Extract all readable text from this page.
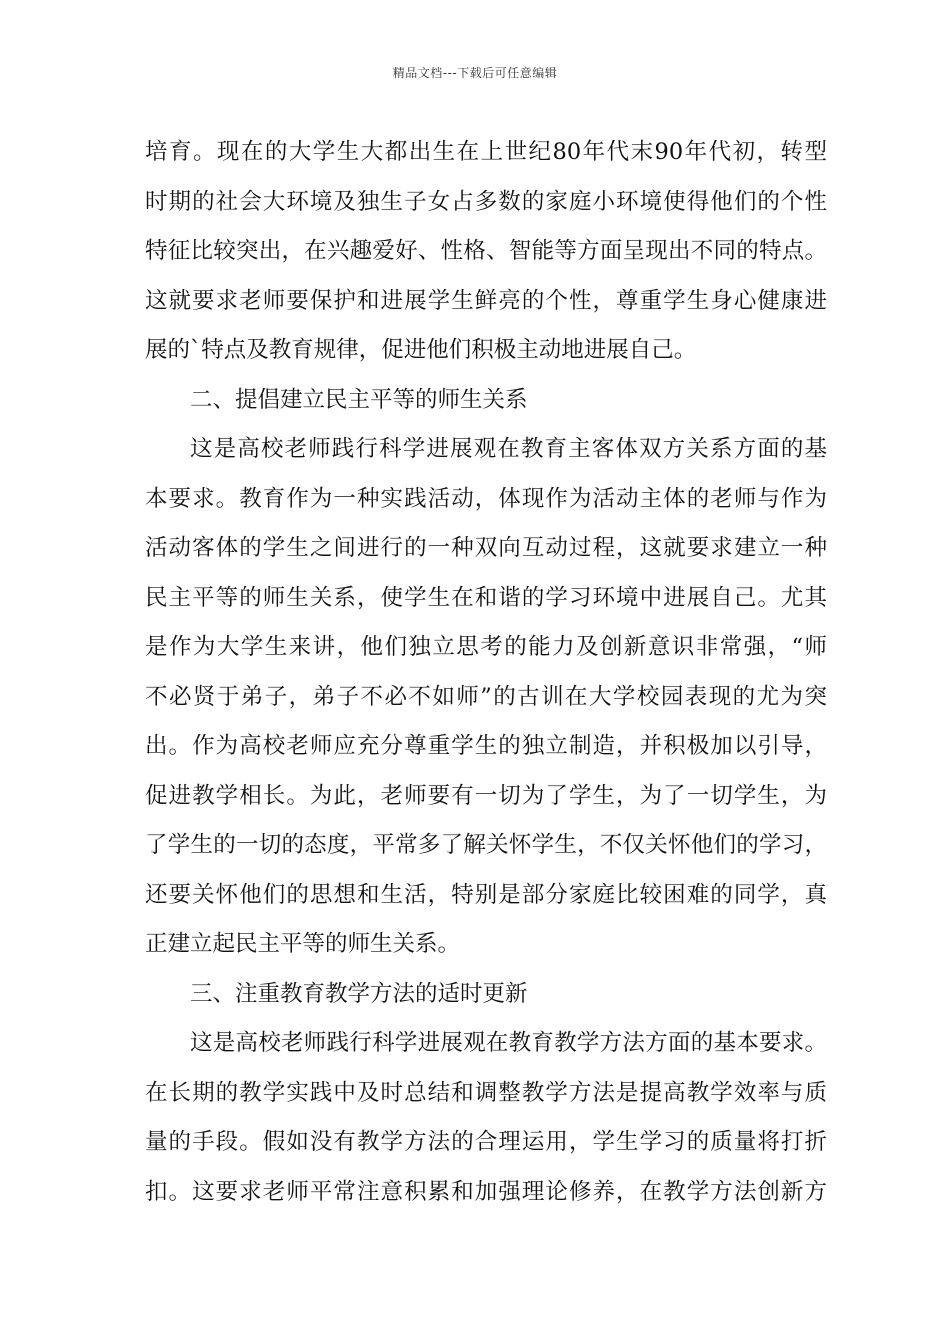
精品文档---下载后可任意编辑
培育。现在的大学生大都出生在上世纪80年代末90年代初，转型
时期的社会大环境及独生子女占多数的家庭小环境使得他们的个性
特征比较突出，在兴趣爱好、性格、智能等方面呈现出不同的特点。
这就要求老师要保护和进展学生鲜亮的个性，尊重学生身心健康进
展的`特点及教育规律，促进他们积极主动地进展自己。
二、提倡建立民主平等的师生关系
这是高校老师践行科学进展观在教育主客体双方关系方面的基
本要求。教育作为一种实践活动，体现作为活动主体的老师与作为
活动客体的学生之间进行的一种双向互动过程，这就要求建立一种
民主平等的师生关系，使学生在和谐的学习环境中进展自己。尤其
是作为大学生来讲，他们独立思考的能力及创新意识非常强，“师
不必贤于弟子，弟子不必不如师”的古训在大学校园表现的尤为突
出。作为高校老师应充分尊重学生的独立制造，并积极加以引导，
促进教学相长。为此，老师要有一切为了学生，为了一切学生，为
了学生的一切的态度，平常多了解关怀学生，不仅关怀他们的学习，
还要关怀他们的思想和生活，特别是部分家庭比较困难的同学，真
正建立起民主平等的师生关系。
三、注重教育教学方法的适时更新
这是高校老师践行科学进展观在教育教学方法方面的基本要求。
在长期的教学实践中及时总结和调整教学方法是提高教学效率与质
量的手段。假如没有教学方法的合理运用，学生学习的质量将打折
扣。这要求老师平常注意积累和加强理论修养，在教学方法创新方
